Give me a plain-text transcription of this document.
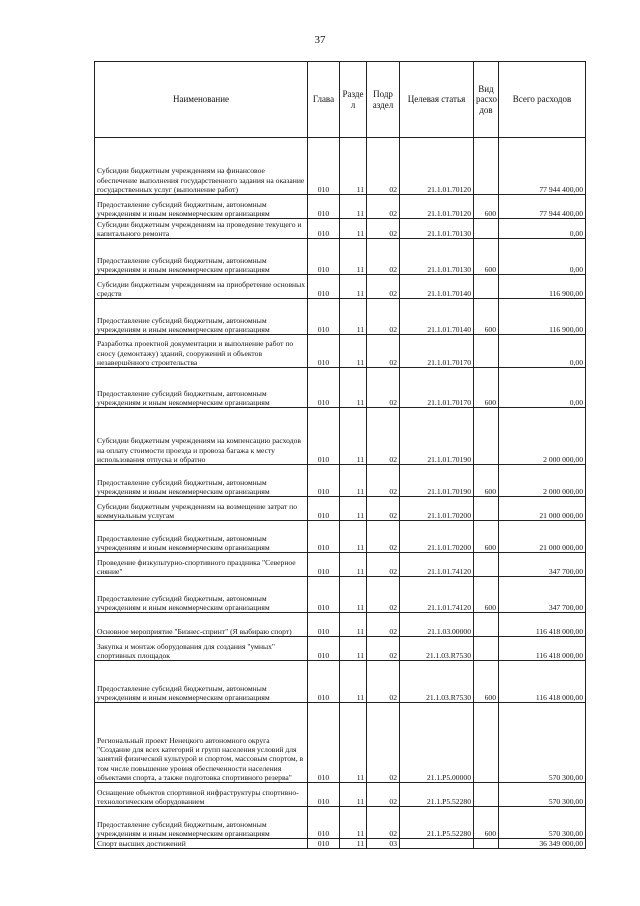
37
Наименование	Глава	Разде л	Подр аздел	Целевая статья	Вид расхо дов	Всего расходов
Субсидии бюджетным учреждениям на финансовое обеспечение выполнения государственного задания на оказание государственных услуг (выполнение работ)	010	11	02	21.1.01.70120		77 944 400,00
Предоставление субсидий бюджетным, автономным учреждениям и иным некоммерческим организациям	010	11	02	21.1.01.70120	600	77 944 400,00
Субсидии бюджетным учреждениям на проведение текущего и капитального ремонта	010	11	02	21.1.01.70130		0,00
Предоставление субсидий бюджетным, автономным учреждениям и иным некоммерческим организациям	010	11	02	21.1.01.70130	600	0,00
Субсидии бюджетным учреждениям на приобретение основных средств	010	11	02	21.1.01.70140		116 900,00
Предоставление субсидий бюджетным, автономным учреждениям и иным некоммерческим организациям	010	11	02	21.1.01.70140	600	116 900,00
Разработка проектной документации и выполнение работ по сносу (демонтажу) зданий, сооружений и объектов незавершённого строительства	010	11	02	21.1.01.70170		0,00
Предоставление субсидий бюджетным, автономным учреждениям и иным некоммерческим организациям	010	11	02	21.1.01.70170	600	0,00
Субсидии бюджетным учреждениям на компенсацию расходов на оплату стоимости проезда и провоза багажа к месту использования отпуска и обратно	010	11	02	21.1.01.70190		2 000 000,00
Предоставление субсидий бюджетным, автономным учреждениям и иным некоммерческим организациям	010	11	02	21.1.01.70190	600	2 000 000,00
Субсидии бюджетным учреждениям на возмещение затрат по коммунальным услугам	010	11	02	21.1.01.70200		21 000 000,00
Предоставление субсидий бюджетным, автономным учреждениям и иным некоммерческим организациям	010	11	02	21.1.01.70200	600	21 000 000,00
Проведение физкультурно-спортивного праздника "Северное сияние"	010	11	02	21.1.01.74120		347 700,00
Предоставление субсидий бюджетным, автономным учреждениям и иным некоммерческим организациям	010	11	02	21.1.01.74120	600	347 700,00
Основное мероприятие "Бизнес-спринт" (Я выбираю спорт)	010	11	02	21.1.03.00000		116 418 000,00
Закупка и монтаж оборудования для создания "умных" спортивных площадок	010	11	02	21.1.03.R7530		116 418 000,00
Предоставление субсидий бюджетным, автономным учреждениям и иным некоммерческим организациям	010	11	02	21.1.03.R7530	600	116 418 000,00
Региональный проект Ненецкого автономного округа "Создание для всех категорий и групп населения условий для занятий физической культурой и спортом, массовым спортом, в том числе повышение уровня обеспеченности населения объектами спорта, а также подготовка спортивного резерва"	010	11	02	21.1.P5.00000		570 300,00
Оснащение объектов спортивной инфраструктуры спортивно-технологическим оборудованием	010	11	02	21.1.P5.52280		570 300,00
Предоставление субсидий бюджетным, автономным учреждениям и иным некоммерческим организациям	010	11	02	21.1.P5.52280	600	570 300,00
Спорт высших достижений	010	11	03			36 349 000,00
